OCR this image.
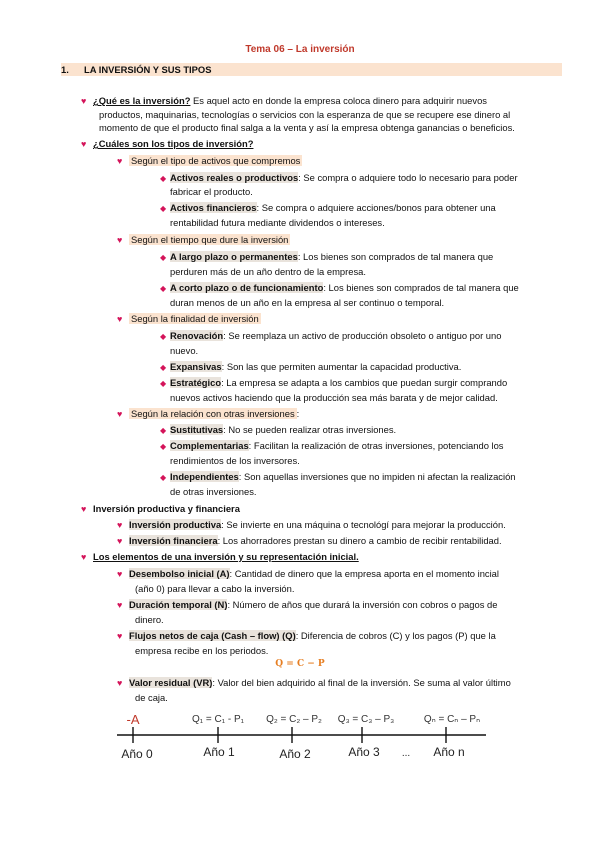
Tema 06 – La inversión
1. LA INVERSIÓN Y SUS TIPOS
♥ ¿Qué es la inversión? Es aquel acto en donde la empresa coloca dinero para adquirir nuevos
productos, maquinarias, tecnologías o servicios con la esperanza de que se recupere ese dinero al
momento de que el producto final salga a la venta y así la empresa obtenga ganancias o beneficios.
♥ ¿Cuáles son los tipos de inversión?
♥ Según el tipo de activos que compremos
◆ Activos reales o productivos: Se compra o adquiere todo lo necesario para poder
fabricar el producto.
◆ Activos financieros: Se compra o adquiere acciones/bonos para obtener una
rentabilidad futura mediante dividendos o intereses.
♥ Según el tiempo que dure la inversión
◆ A largo plazo o permanentes: Los bienes son comprados de tal manera que
perduren más de un año dentro de la empresa.
◆ A corto plazo o de funcionamiento: Los bienes son comprados de tal manera que
duran menos de un año en la empresa al ser continuo o temporal.
♥ Según la finalidad de inversión
◆ Renovación: Se reemplaza un activo de producción obsoleto o antiguo por uno
nuevo.
◆ Expansivas: Son las que permiten aumentar la capacidad productiva.
◆ Estratégico: La empresa se adapta a los cambios que puedan surgir comprando
nuevos activos haciendo que la producción sea más barata y de mejor calidad.
♥ Según la relación con otras inversiones :
◆ Sustitutivas: No se pueden realizar otras inversiones.
◆ Complementarias: Facilitan la realización de otras inversiones, potenciando los
rendimientos de los inversores.
◆ Independientes: Son aquellas inversiones que no impiden ni afectan la realización
de otras inversiones.
♥ Inversión productiva y financiera
♥ Inversión productiva: Se invierte en una máquina o tecnológí para mejorar la producción.
♥ Inversión financiera: Los ahorradores prestan su dinero a cambio de recibir rentabilidad.
♥ Los elementos de una inversión y su representación inicial.
♥ Desembolso inicial (A): Cantidad de dinero que la empresa aporta en el momento incial
(año 0) para llevar a cabo la inversión.
♥ Duración temporal (N): Número de años que durará la inversión con cobros o pagos de
dinero.
♥ Flujos netos de caja (Cash – flow) (Q): Diferencia de cobros (C) y los pagos (P) que la
empresa recibe en los periodos.
Q = C − P
♥ Valor residual (VR): Valor del bien adquirido al final de la inversión. Se suma al valor último
de caja.
-A	Q₁ = C₁ - P₁ Q₂ = C₂ – P₂ Q₃ = C₃ – P₃	Qₙ = Cₙ – Pₙ
Año 0	Año 1	Año 2	Año 3 ... Año n
